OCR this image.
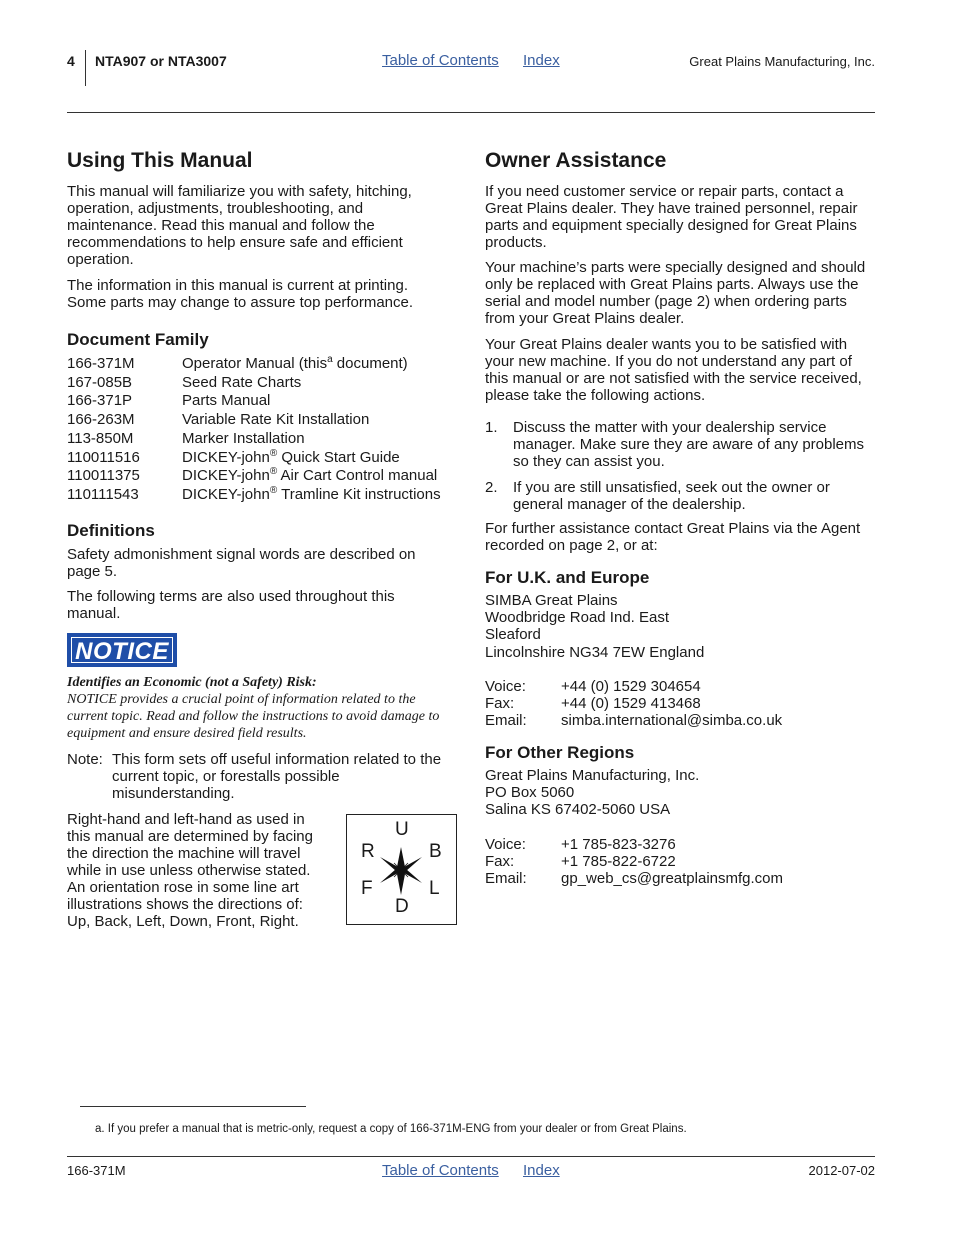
4 NTA907 or NTA3007	Table of Contents Index	Great Plains Manufacturing, Inc.
Using This Manual

This manual will familiarize you with safety, hitching, operation, adjustments, troubleshooting, and maintenance. Read this manual and follow the recommendations to help ensure safe and efficient operation.

The information in this manual is current at printing. Some parts may change to assure top performance.

Document Family
166-371M	Operator Manual (this$^a$ document)
167-085B	Seed Rate Charts
166-371P	Parts Manual
166-263M	Variable Rate Kit Installation
113-850M	Marker Installation
110011516	DICKEY-john® Quick Start Guide
110011375	DICKEY-john® Air Cart Control manual
110111543	DICKEY-john® Tramline Kit instructions
Definitions

Safety admonishment signal words are described on page 5.

The following terms are also used throughout this manual.

NOTICE
Identifies an Economic (not a Safety) Risk:
NOTICE provides a crucial point of information related to the current topic. Read and follow the instructions to avoid damage to equipment and ensure desired field results.
Note: This form sets off useful information related to the current topic, or forestalls possible misunderstanding.

Right-hand and left-hand as used in this manual are determined by facing the direction the machine will travel while in use unless otherwise stated. An orientation rose in some line art illustrations shows the directions of: Up, Back, Left, Down, Front, Right.

U
R	B
F	L
D
Owner Assistance

If you need customer service or repair parts, contact a Great Plains dealer. They have trained personnel, repair parts and equipment specially designed for Great Plains products.

Your machine’s parts were specially designed and should only be replaced with Great Plains parts. Always use the serial and model number (page 2) when ordering parts from your Great Plains dealer.

Your Great Plains dealer wants you to be satisfied with your new machine. If you do not understand any part of this manual or are not satisfied with the service received, please take the following actions.

1. Discuss the matter with your dealership service manager. Make sure they are aware of any problems so they can assist you.

2. If you are still unsatisfied, seek out the owner or general manager of the dealership.

For further assistance contact Great Plains via the Agent recorded on page 2, or at:

For U.K. and Europe
SIMBA Great Plains
Woodbridge Road Ind. East
Sleaford
Lincolnshire NG34 7EW England
Voice: +44 (0) 1529 304654
Fax:	+44 (0) 1529 413468
Email: simba.international@simba.co.uk
For Other Regions
Great Plains Manufacturing, Inc.
PO Box 5060
Salina KS 67402-5060 USA
Voice: +1 785-823-3276
Fax:	+1 785-822-6722
Email: gp_web_cs@greatplainsmfg.com
a. If you prefer a manual that is metric-only, request a copy of 166-371M-ENG from your dealer or from Great Plains.
166-371M	Table of Contents Index	2012-07-02
